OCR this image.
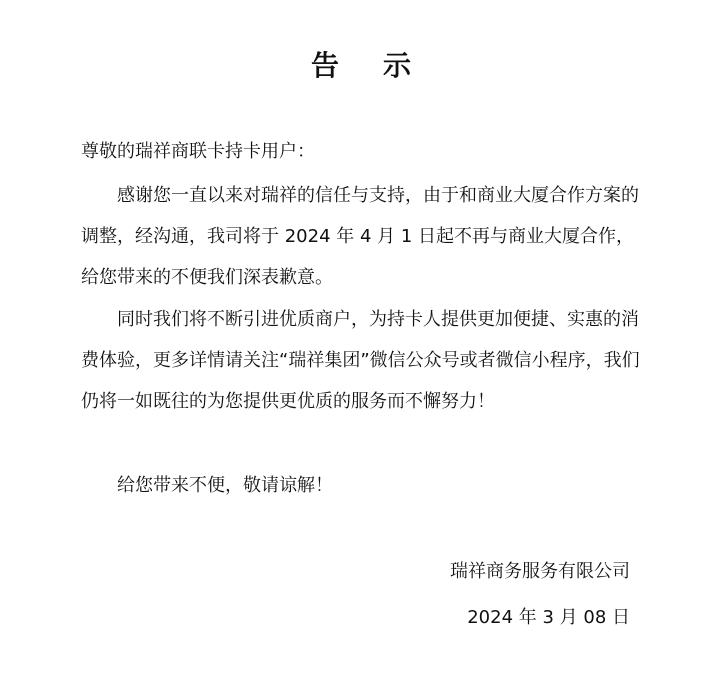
告示
尊敬的瑞祥商联卡持卡用户：

感谢您一直以来对瑞祥的信任与支持，由于和商业大厦合作方案的调整，经沟通，我司将于 2024 年 4 月 1 日起不再与商业大厦合作，给您带来的不便我们深表歉意。

同时我们将不断引进优质商户，为持卡人提供更加便捷、实惠的消费体验，更多详情请关注“瑞祥集团”微信公众号或者微信小程序，我们仍将一如既往的为您提供更优质的服务而不懈努力！

给您带来不便，敬请谅解！

瑞祥商务服务有限公司
2024 年 3 月 08 日
